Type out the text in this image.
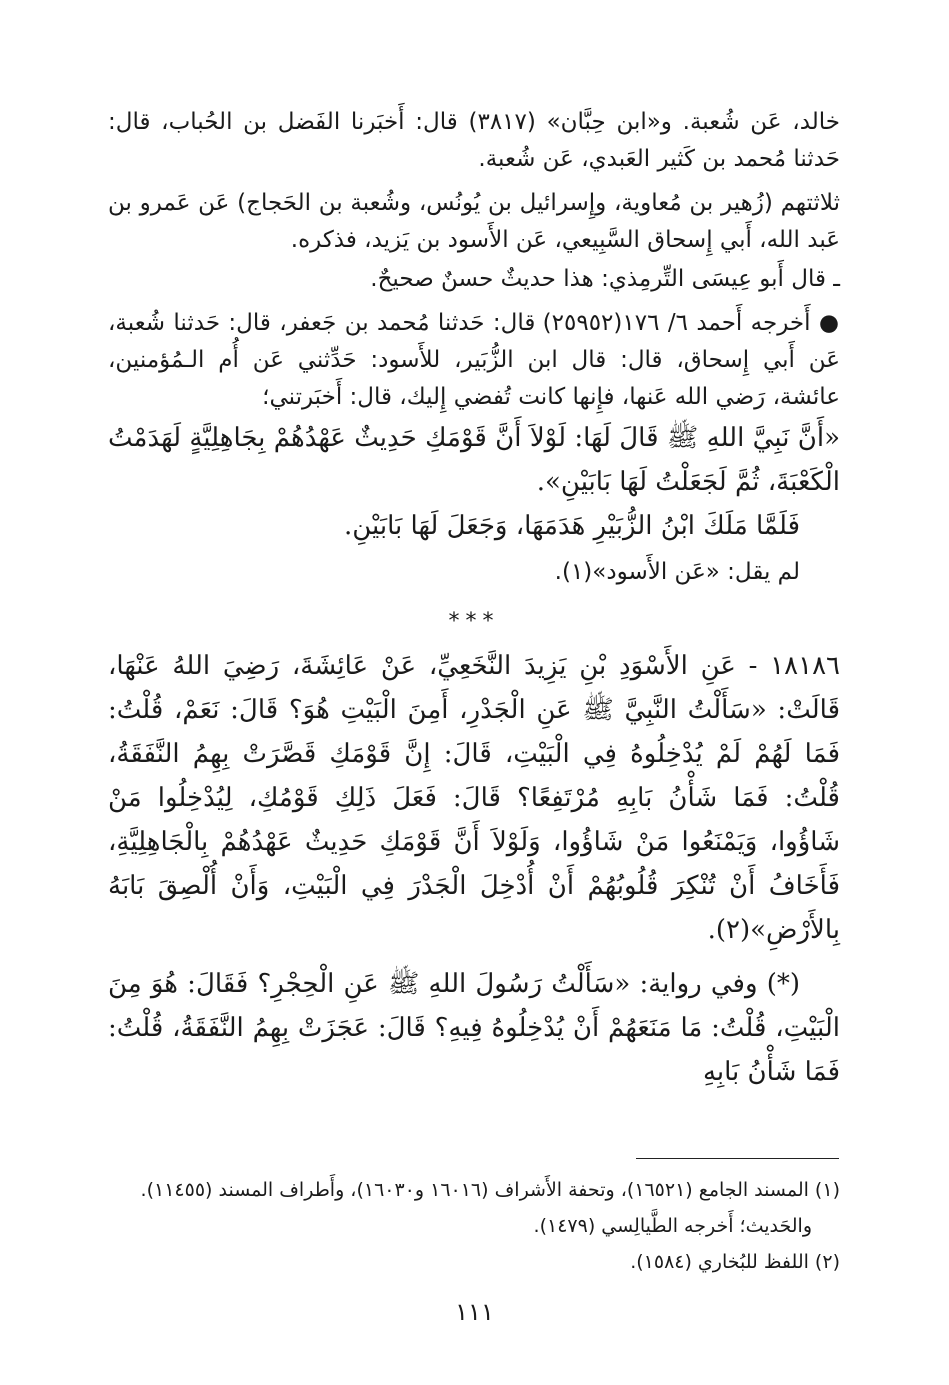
خالد، عَن شُعبة. و«ابن حِبَّان» (٣٨١٧) قال: أَخبَرنا الفَضل بن الحُباب، قال: حَدثنا مُحمد بن كَثير العَبدي، عَن شُعبة.

ثلاثتهم (زُهير بن مُعاوية، وإِسرائيل بن يُونُس، وشُعبة بن الحَجاج) عَن عَمرو بن عَبد الله، أَبي إِسحاق السَّبِيعي، عَن الأَسود بن يَزيد، فذكره.

ـ قال أَبو عِيسَى التِّرمِذي: هذا حديثٌ حسنٌ صحيحٌ.

● أَخرجه أَحمد ٦/ ١٧٦(٢٥٩٥٢) قال: حَدثنا مُحمد بن جَعفر، قال: حَدثنا شُعبة، عَن أَبي إِسحاق، قال: قال ابن الزُّبَير، للأَسود: حَدِّثني عَن أُم الـمُؤمنين، عائشة، رَضي الله عَنها، فإِنها كانت تُفضي إِليك، قال: أَخبَرتني؛

«أَنَّ نَبِيَّ اللهِ ﷺ قَالَ لَهَا: لَوْلاَ أَنَّ قَوْمَكِ حَدِيثٌ عَهْدُهُمْ بِجَاهِلِيَّةٍ لَهَدَمْتُ الْكَعْبَةَ، ثُمَّ لَجَعَلْتُ لَهَا بَابَيْنِ».

فَلَمَّا مَلَكَ ابْنُ الزُّبَيْرِ هَدَمَهَا، وَجَعَلَ لَهَا بَابَيْنِ.

لم يقل: «عَن الأَسود»(١).

***

١٨١٨٦ - عَنِ الأَسْوَدِ بْنِ يَزِيدَ النَّخَعِيِّ، عَنْ عَائِشَةَ، رَضِيَ اللهُ عَنْهَا، قَالَتْ: «سَأَلْتُ النَّبِيَّ ﷺ عَنِ الْجَدْرِ، أَمِنَ الْبَيْتِ هُوَ؟ قَالَ: نَعَمْ، قُلْتُ: فَمَا لَهُمْ لَمْ يُدْخِلُوهُ فِي الْبَيْتِ، قَالَ: إِنَّ قَوْمَكِ قَصَّرَتْ بِهِمُ النَّفَقَةُ، قُلْتُ: فَمَا شَأْنُ بَابِهِ مُرْتَفِعًا؟ قَالَ: فَعَلَ ذَلِكِ قَوْمُكِ، لِيُدْخِلُوا مَنْ شَاؤُوا، وَيَمْنَعُوا مَنْ شَاؤُوا، وَلَوْلاَ أَنَّ قَوْمَكِ حَدِيثٌ عَهْدُهُمْ بِالْجَاهِلِيَّةِ، فَأَخَافُ أَنْ تُنْكِرَ قُلُوبُهُمْ أَنْ أُدْخِلَ الْجَدْرَ فِي الْبَيْتِ، وَأَنْ أُلْصِقَ بَابَهُ بِالأَرْضِ»(٢).

(*) وفي رواية: «سَأَلْتُ رَسُولَ اللهِ ﷺ عَنِ الْحِجْرِ؟ فَقَالَ: هُوَ مِنَ الْبَيْتِ، قُلْتُ: مَا مَنَعَهُمْ أَنْ يُدْخِلُوهُ فِيهِ؟ قَالَ: عَجَزَتْ بِهِمُ النَّفَقَةُ، قُلْتُ: فَمَا شَأْنُ بَابِهِ

(١) المسند الجامع (١٦٥٢١)، وتحفة الأَشراف (١٦٠١٦ و١٦٠٣٠)، وأَطراف المسند (١١٤٥٥).

والحَديث؛ أَخرجه الطَّيالِسي (١٤٧٩).

(٢) اللفظ للبُخاري (١٥٨٤).

١١١
